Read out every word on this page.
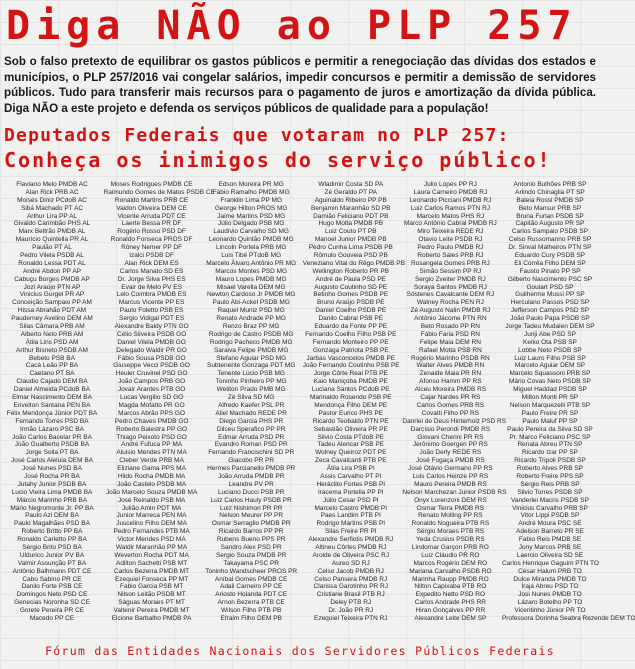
Diga NÃO ao PLP 257

Sob o falso pretexto de equilibrar os gastos públicos e permitir a renegociação das dívidas dos estados e municípios, o PLP 257/2016 vai congelar salários, impedir concursos e permitir a demissão de servidores públicos. Tudo para transferir mais recursos para o pagamento de juros e amortização da dívida pública. Diga NÃO a este projeto e defenda os serviços públicos de qualidade para a população!

Deputados Federais que votaram no PLP 257:
Conheça os inimigos do serviço público!
Flaviano Melo PMDB AC
Alan Rick PRB AC
Moisés Diniz PCdoB AC
Sibá Machado PT AC
Arthur Lira PP AL
Givaldo Carimbão PHS AL
Marx Beltrão PMDB AL
Maurício Quintella PR AL
Paulão PT AL
Pedro Vilela PSDB AL
Ronaldo Lessa PDT AL
André Abdon PP AP
Cabuçu Borges PMDB AP
Jozi Araújo PTN AP
Vinicius Gurgel PR AP
Conceição Sampaio PP AM
Hissa Abrahão PDT AM
Pauderney Avelino DEM AM
Silas Câmara PRB AM
Alberto Neto PRB AM
Átila Lins PSD AM
Arthur Bisneto PSDB AM
Bebeto PSB BA
Cacá Leão PP BA
Caetano PT BA
Claudio Cajado DEM BA
Daniel Almeida PCdoB BA
Elmar Nascimento DEM BA
Erivelton Santana PEN BA
Félix Mendonça Júnior PDT BA
Fernando Torres PSD BA
Irmão Lázaro PSC BA
João Carlos Bacelar PR BA
João Gualberto PSDB BA
Jorge Solla PT BA
José Carlos Aleluia DEM BA
José Nunes PSD BA
José Rocha PR BA
Jutahy Junior PSDB BA
Lucio Vieira Lima PMDB BA
Márcio Marinho PRB BA
Mário Negromonte Jr. PP BA
Paulo Azi DEM BA
Paulo Magalhães PSD BA
Roberto Britto PP BA
Ronaldo Carletto PP BA
Sérgio Brito PSD BA
Uldurico Junior PV BA
Valmir Assunção PT BA
Antônio Balhmann PDT CE
Cabo Sabino PR CE
Danilo Forte PSB CE
Domingos Neto PSD CE
Genecias Noronha SD CE
Gorete Pereira PR CE
Macedo PP CE
Moses Rodrigues PMDB CE
Raimundo Gomes de Matos PSDB CE
Ronaldo Martins PRB CE
Vaidon Oliveira DEM CE
Vicente Arruda PDT CE
Laerte Bessa PR DF
Rogério Rosso PSD DF
Ronaldo Fonseca PROS DF
Rôney Nemer PP DF
Izalci PSDB DF
Alan Rick DEM ES
Carlos Manato SD ES
Dr. Jorge Silva PHS ES
Evair de Melo PV ES
Lelo Coimbra PMDB ES
Marcus Vicente PP ES
Paulo Foletto PSB ES
Sergio Vidigal PDT ES
Alexandre Baldy PTN GO
Célio Silveira PSDB GO
Daniel Vilela PMDB GO
Delegado Waldir PR GO
Fábio Sousa PSDB GO
Giuseppe Vecci PSDB GO
Heuler Cruvinel PSD GO
João Campos PRB GO
Jovair Arantes PTB GO
Lucas Vergilio SD GO
Magda Mofatto PR GO
Marcos Abrão PPS GO
Pedro Chaves PMDB GO
Roberto Balestra PP GO
Thiago Peixoto PSD GO
André Fufuca PP MA
Aluisio Mendes PTN MA
Cleber Verde PRB MA
Eliziane Gama PPS MA
Hildo Rocha PMDB MA
João Castelo PSDB MA
João Marcelo Souza PMDB MA
José Reinaldo PSB MA
Julião Amin PDT MA
Junior Marreca PEN MA
Juscelino Filho DEM MA
Pedro Fernandes PTB MA
Victor Mendes PSD MA
Waldir Maranhão PP MA
Weverton Rocha PDT MA
Adilton Sachetti PSB MT
Carlos Bezerra PMDB MT
Ezequiel Fonseca PP MT
Fabio Garcia PSB MT
Nilson Leitão PSDB MT
Ságuas Moraes PT MT
Valtenir Pereira PMDB MT
Elcione Barbalho PMDB PA
Edson Moreira PR MG
Fábio Ramalho PMDB MG
Franklin Lima PP MG
George Hilton PROS MG
Jaime Martins PSD MG
Júlio Delgado PSB MG
Laudívio Carvalho SD MG
Leonardo Quintão PMDB MG
Lincoln Portela PRB MG
Luis Tibé PTdoB MG
Marcelo Álvaro Antônio PR MG
Marcos Montes PSD MG
Mauro Lopes PMDB MG
Misael Varella DEM MG
Newton Cardoso Jr PMDB MG
Paulo Abi-Ackel PSDB MG
Raquel Muniz PSD MG
Renato Andrade PP MG
Renzo Braz PP MG
Rodrigo de Castro PSDB MG
Rodrigo Pacheco PMDB MG
Saraiva Felipe PMDB MG
Stefano Aguiar PSD MG
Subtenente Gonzaga PDT MG
Tenente Lúcio PSB MG
Toninho Pinheiro PP MG
Weliton Prado PMB MG
Zé Silva SD MG
Alfredo Kaefer PSL PR
Aliel Machado REDE PR
Diego Garcia PHS PR
Dilceu Sperafico PP PR
Edmar Arruda PSD PR
Evandro Roman PSD PR
Fernando Francischini SD PR
Giacobo PR PR
Hermes Parcianello PMDB PR
João Arruda PMDB PR
Leandre PV PR
Luciano Ducci PSB PR
Luiz Carlos Hauly PSDB PR
Luiz Nishimori PR PR
Nelson Meurer PP PR
Osmar Serraglio PMDB PR
Ricardo Barros PP PR
Rubens Bueno PPS PR
Sandro Alex PSD PR
Sergio Souza PMDB PR
Takayama PSC PR
Toninho Wandscheer PROS PR
Aníbal Gomes PMDB CE
Adail Carneiro PP CE
Ariosto Holanda PDT CE
Arnon Bezerra PTB CE
Wilson Filho PTB PB
Efraim Filho DEM PB
Wladimir Costa SD PA
Zé Geraldo PT PA
Aguinaldo Ribeiro PP PB
Benjamin Maranhão SD PB
Damião Feliciano PDT PB
Hugo Motta PMDB PB
Luiz Couto PT PB
Manoel Junior PMDB PB
Pedro Cunha Lima PSDB PB
Rômulo Gouveia PSD PB
Veneziano Vital do Rêgo PMDB PB
Wellington Roberto PR PB
André de Paula PSD PE
Augusto Coutinho SD PE
Betinho Gomes PSDB PE
Bruno Araújo PSDB PE
Daniel Coelho PSDB PE
Danilo Cabral PSB PE
Eduardo da Fonte PP PE
Fernando Coelho Filho PSB PE
Fernando Monteiro PP PE
Gonzaga Patriota PSB PE
Jarbas Vasconcelos PMDB PE
João Fernando Coutinho PSB PE
Jorge Côrte Real PTB PE
Kaio Maniçoba PMDB PE
Luciana Santos PCdoB PE
Marinaldo Rosendo PSB PE
Mendonça Filho DEM PE
Pastor Eurico PHS PE
Ricardo Teobaldo PTN PE
Sebastião Oliveira PR PE
Silvio Costa PTdoB PE
Tadeu Alencar PSB PE
Wolney Queiroz PDT PE
Zeca Cavalcanti PTB PE
Átila Lira PSB PI
Assis Carvalho PT PI
Heráclito Fortes PSB PI
Iracema Portella PP PI
Júlio Cesar PSD PI
Marcelo Castro PMDB PI
Paes Landim PTB PI
Rodrigo Martins PSB PI
Silas Freire PR PI
Alexandre Serfiotis PMDB RJ
Altineu Côrtes PMDB RJ
Arolde de Oliveira PSC RJ
Aureo SD RJ
Celso Jacob PMDB RJ
Celso Pansera PMDB RJ
Clarissa Garotinho PR RJ
Cristiane Brasil PTB RJ
Deley PTB RJ
Dr. João PR RJ
Ezequiel Teixeira PTN RJ
Julio Lopes PP RJ
Laura Carneiro PMDB RJ
Leonardo Picciani PMDB RJ
Luiz Carlos Ramos PTN RJ
Marcelo Matos PHS RJ
Marco Antônio Cabral PMDB RJ
Miro Teixeira REDE RJ
Otavio Leite PSDB RJ
Pedro Paulo PMDB RJ
Roberto Sales PRB RJ
Rosangela Gomes PRB RJ
Simão Sessim PP RJ
Sergio Zveiter PMDB RJ
Soraya Santos PMDB RJ
Sóstenes Cavalcante DEM RJ
Walney Rocha PEN RJ
Zé Augusto Nalin PMDB RJ
Antônio Jácome PTN RN
Beto Rosado PP RN
Fábio Faria PSD RN
Felipe Maia DEM RN
Rafael Motta PSB RN
Rogério Marinho PSDB RN
Walter Alves PMDB RN
Zenaide Maia PR RN
Afonso Hamm PP RS
Alceu Moreira PMDB RS
Cajar Nardes PR RS
Carlos Gomes PRB RS
Covatti Filho PP RS
Danrlei de Deus Hinterholz PSD RS
Darcísio Perondi PMDB RS
Giovani Cherini PR RS
Jerônimo Goergen PP RS
João Derly REDE RS
José Fogaça PMDB RS
José Otávio Germano PP RS
Luis Carlos Heinze PP RS
Mauro Pereira PMDB RS
Nelson Marchezan Junior PSDB RS
Onyx Lorenzoni DEM RS
Osmar Terra PMDB RS
Renato Molling PP RS
Ronaldo Nogueira PTB RS
Sérgio Moraes PTB RS
Yeda Crusius PSDB RS
Lindomar Garçon PRB RO
Luiz Cláudio PR RO
Marcos Rogério DEM RO
Mariana Carvalho PSDB RO
Marinha Raupp PMDB RO
Nilton Capixaba PTB RO
Expedito Netto PSD RO
Carlos Andrade PHS RR
Hiran Gonçalves PP RR
Alexandre Leite DEM SP
Antonio Bulhões PRB SP
Arlindo Chinaglia PT SP
Baleia Rossi PMDB SP
Beto Mansur PRB SP
Bruna Furlan PSDB SP
Capitão Augusto PR SP
Carlos Sampaio PSDB SP
Celso Russomanno PRB SP
Dr. Sinval Malheiros PTN SP
Eduardo Cury PSDB SP
Eli Corrêa Filho DEM SP
Fausto Pinato PP SP
Gilberto Nascimento PSC SP
Goulart PSD SP
Guilherme Mussi PP SP
Herculano Passos PSD SP
Jefferson Campos PSD SP
João Paulo Papa PSDB SP
Jorge Tadeu Mudalen DEM SP
Junji Abe PSD SP
Keiko Ota PSB SP
Lobbe Neto PSDB SP
Luiz Lauro Filho PSB SP
Marcelo Aguiar DEM SP
Marcelo Squassoni PRB SP
Mário Covas Neto PSDB SP
Miguel Haddad PSDB SP
Milton Monti PR SP
Nelson Marquezelli PTB SP
Paulo Freire PR SP
Paulo Maluf PP SP
Paulo Pereira da Silva SD SP
Pr. Marco Feliciano PSC SP
Renata Abreu PTN SP
Ricardo Izar PP SP
Ricardo Tripoli PSDB SP
Roberto Alves PRB SP
Roberto Freire PPS SP
Sérgio Reis PRB SP
Silvio Torres PSDB SP
Vanderlei Macris PSDB SP
Vinicius Carvalho PRB SP
Vitor Lippi PSDB SP
André Moura PSC SE
Adelson Barreto PR SE
Fabio Reis PMDB SE
Jony Marcos PRB SE
Laercio Oliveira SD SE
Carlos Henrique Gaguim PTN TO
César Halum PRB TO
Dulce Miranda PMDB TO
Irajá Abreu PSD TO
Josi Nunes PMDB TO
Lázaro Botelho PP TO
Vicentinho Júnior PR TO
Professora Dorinha Seabra Rezende DEM TO

Fórum das Entidades Nacionais dos Servidores Públicos Federais
